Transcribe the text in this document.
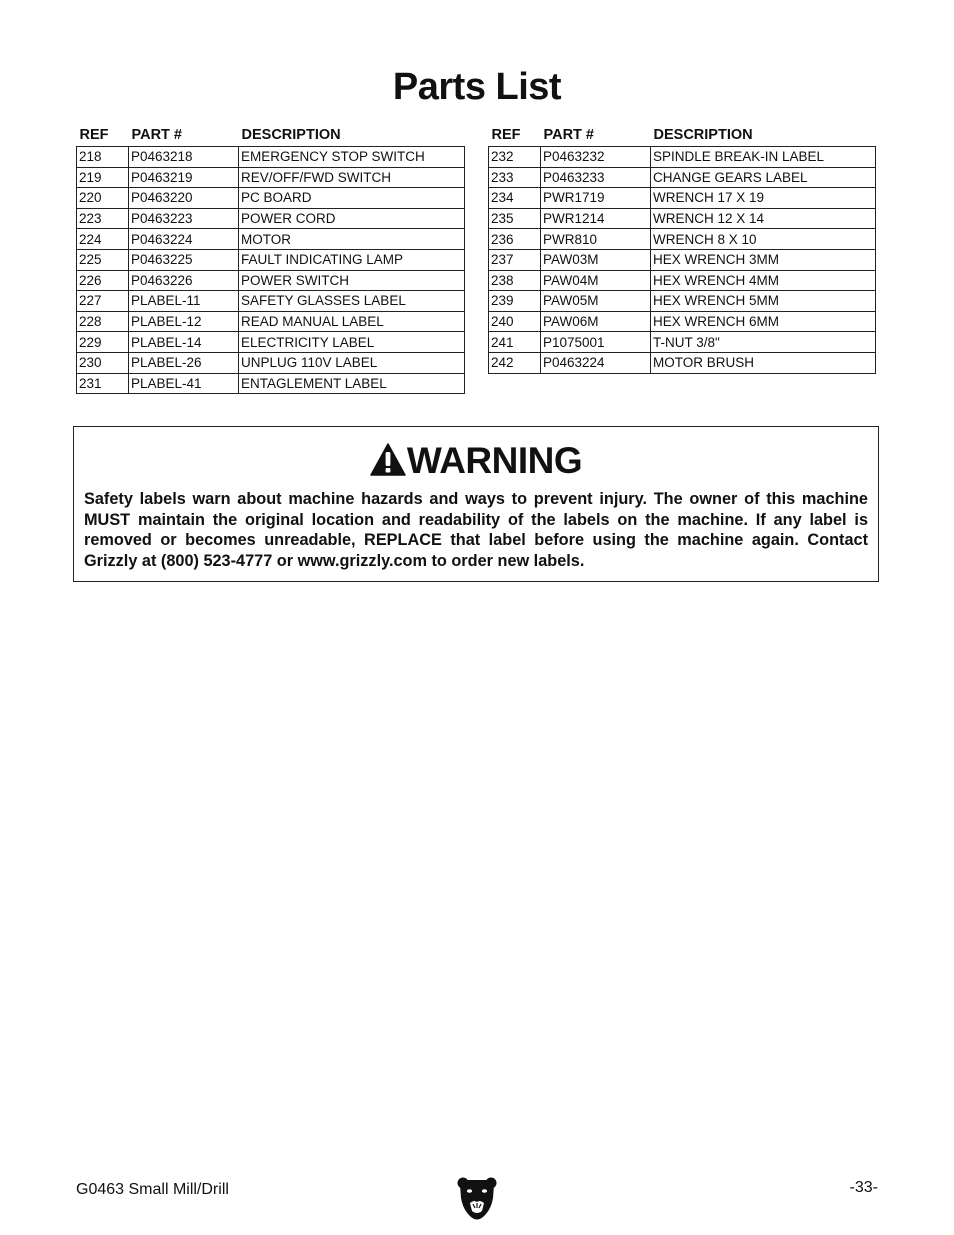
Parts List
REF	PART #	DESCRIPTION
218	P0463218	EMERGENCY STOP SWITCH
219	P0463219	REV/OFF/FWD SWITCH
220	P0463220	PC BOARD
223	P0463223	POWER CORD
224	P0463224	MOTOR
225	P0463225	FAULT INDICATING LAMP
226	P0463226	POWER SWITCH
227	PLABEL-11	SAFETY GLASSES LABEL
228	PLABEL-12	READ MANUAL LABEL
229	PLABEL-14	ELECTRICITY LABEL
230	PLABEL-26	UNPLUG 110V LABEL
231	PLABEL-41	ENTAGLEMENT LABEL
REF	PART #	DESCRIPTION
232	P0463232	SPINDLE BREAK-IN LABEL
233	P0463233	CHANGE GEARS LABEL
234	PWR1719	WRENCH 17 X 19
235	PWR1214	WRENCH 12 X 14
236	PWR810	WRENCH 8 X 10
237	PAW03M	HEX WRENCH 3MM
238	PAW04M	HEX WRENCH 4MM
239	PAW05M	HEX WRENCH 5MM
240	PAW06M	HEX WRENCH 6MM
241	P1075001	T-NUT 3/8"
242	P0463224	MOTOR BRUSH
WARNING
Safety labels warn about machine hazards and ways to prevent injury. The owner of this machine MUST maintain the original location and readability of the labels on the machine. If any label is removed or becomes unreadable, REPLACE that label before using the machine again. Contact Grizzly at (800) 523-4777 or www.grizzly.com to order new labels.
G0463 Small Mill/Drill	-33-
